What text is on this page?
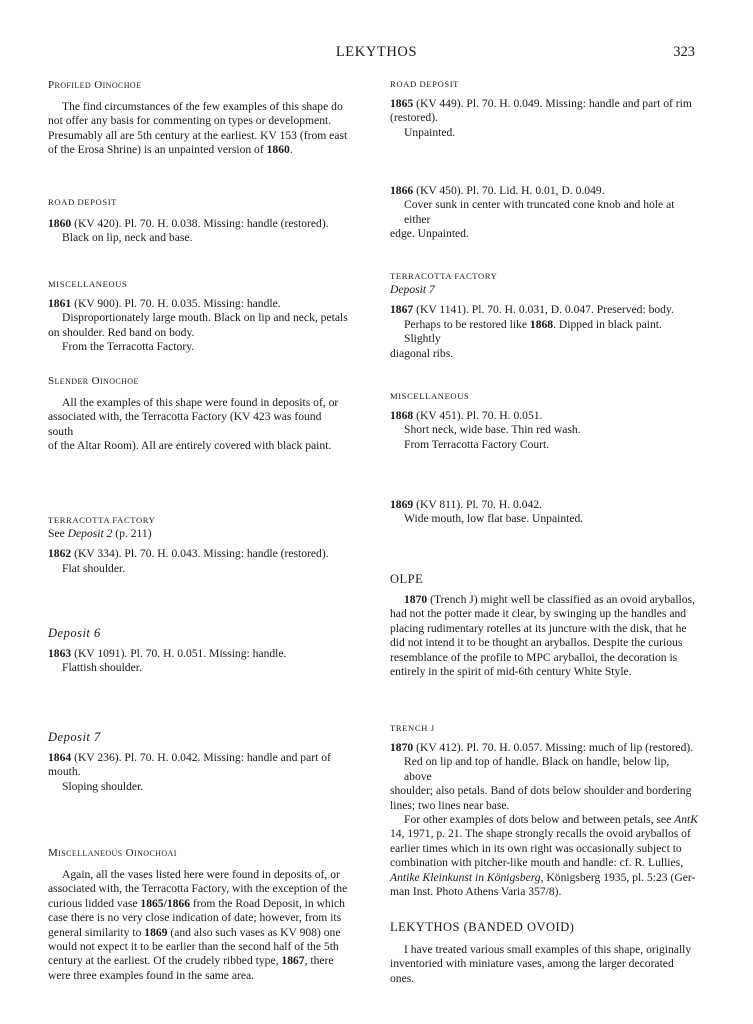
LEKYTHOS	323

Profiled Oinochoe

The find circumstances of the few examples of this shape do

not offer any basis for commenting on types or development.

Presumably all are 5th century at the earliest. KV 153 (from east

of the Erosa Shrine) is an unpainted version of 1860.

ROAD DEPOSIT

1860 (KV 420). Pl. 70. H. 0.038. Missing: handle (restored).

Black on lip, neck and base.

MISCELLANEOUS

1861 (KV 900). Pl. 70. H. 0.035. Missing: handle.

Disproportionately large mouth. Black on lip and neck, petals

on shoulder. Red band on body.

From the Terracotta Factory.

Slender Oinochoe

All the examples of this shape were found in deposits of, or

associated with, the Terracotta Factory (KV 423 was found south

of the Altar Room). All are entirely covered with black paint.

TERRACOTTA FACTORY

See Deposit 2 (p. 211)

1862 (KV 334). Pl. 70. H. 0.043. Missing: handle (restored).

Flat shoulder.

Deposit 6

1863 (KV 1091). Pl. 70. H. 0.051. Missing: handle.

Flattish shoulder.

Deposit 7

1864 (KV 236). Pl. 70. H. 0.042. Missing: handle and part of

mouth.

Sloping shoulder.

Miscellaneous Oinochoai

Again, all the vases listed here were found in deposits of, or

associated with, the Terracotta Factory, with the exception of the

curious lidded vase 1865/1866 from the Road Deposit, in which

case there is no very close indication of date; however, from its

general similarity to 1869 (and also such vases as KV 908) one

would not expect it to be earlier than the second half of the 5th

century at the earliest. Of the crudely ribbed type, 1867, there

were three examples found in the same area.

ROAD DEPOSIT

1865 (KV 449). Pl. 70. H. 0.049. Missing: handle and part of rim

(restored).

Unpainted.

1866 (KV 450). Pl. 70. Lid. H. 0.01, D. 0.049.

Cover sunk in center with truncated cone knob and hole at either

edge. Unpainted.

TERRACOTTA FACTORY

Deposit 7

1867 (KV 1141). Pl. 70. H. 0.031, D. 0.047. Preserved: body.

Perhaps to be restored like 1868. Dipped in black paint. Slightly

diagonal ribs.

MISCELLANEOUS

1868 (KV 451). Pl. 70. H. 0.051.

Short neck, wide base. Thin red wash.

From Terracotta Factory Court.

1869 (KV 811). Pl. 70. H. 0.042.

Wide mouth, low flat base. Unpainted.

OLPE

1870 (Trench J) might well be classified as an ovoid aryballos,

had not the potter made it clear, by swinging up the handles and

placing rudimentary rotelles at its juncture with the disk, that he

did not intend it to be thought an aryballos. Despite the curious

resemblance of the profile to MPC aryballoi, the decoration is

entirely in the spirit of mid-6th century White Style.

TRENCH J

1870 (KV 412). Pl. 70. H. 0.057. Missing: much of lip (restored).

Red on lip and top of handle. Black on handle, below lip, above

shoulder; also petals. Band of dots below shoulder and bordering

lines; two lines near base.

For other examples of dots below and between petals, see AntK

14, 1971, p. 21. The shape strongly recalls the ovoid aryballos of

earlier times which in its own right was occasionally subject to

combination with pitcher-like mouth and handle: cf. R. Lullies,

Antike Kleinkunst in Königsberg, Königsberg 1935, pl. 5:23 (Ger-

man Inst. Photo Athens Varia 357/8).

LEKYTHOS (BANDED OVOID)

I have treated various small examples of this shape, originally

inventoried with miniature vases, among the larger decorated ones.
